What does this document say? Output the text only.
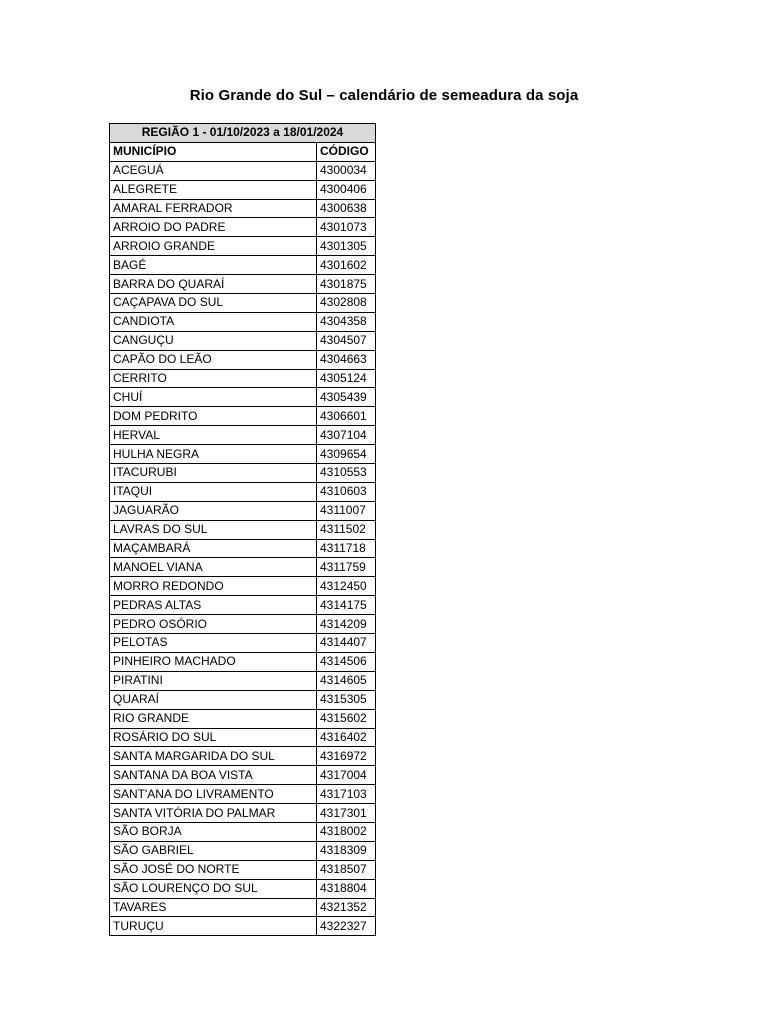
Rio Grande do Sul – calendário de semeadura da soja
REGIÃO 1 - 01/10/2023 a 18/01/2024	
MUNICÍPIO	CÓDIGO
ACEGUÁ	4300034
ALEGRETE	4300406
AMARAL FERRADOR	4300638
ARROIO DO PADRE	4301073
ARROIO GRANDE	4301305
BAGÉ	4301602
BARRA DO QUARAÍ	4301875
CAÇAPAVA DO SUL	4302808
CANDIOTA	4304358
CANGUÇU	4304507
CAPÃO DO LEÃO	4304663
CERRITO	4305124
CHUÍ	4305439
DOM PEDRITO	4306601
HERVAL	4307104
HULHA NEGRA	4309654
ITACURUBI	4310553
ITAQUI	4310603
JAGUARÃO	4311007
LAVRAS DO SUL	4311502
MAÇAMBARÁ	4311718
MANOEL VIANA	4311759
MORRO REDONDO	4312450
PEDRAS ALTAS	4314175
PEDRO OSÓRIO	4314209
PELOTAS	4314407
PINHEIRO MACHADO	4314506
PIRATINI	4314605
QUARAÍ	4315305
RIO GRANDE	4315602
ROSÁRIO DO SUL	4316402
SANTA MARGARIDA DO SUL	4316972
SANTANA DA BOA VISTA	4317004
SANT'ANA DO LIVRAMENTO	4317103
SANTA VITÓRIA DO PALMAR	4317301
SÃO BORJA	4318002
SÃO GABRIEL	4318309
SÃO JOSÉ DO NORTE	4318507
SÃO LOURENÇO DO SUL	4318804
TAVARES	4321352
TURUÇU	4322327
